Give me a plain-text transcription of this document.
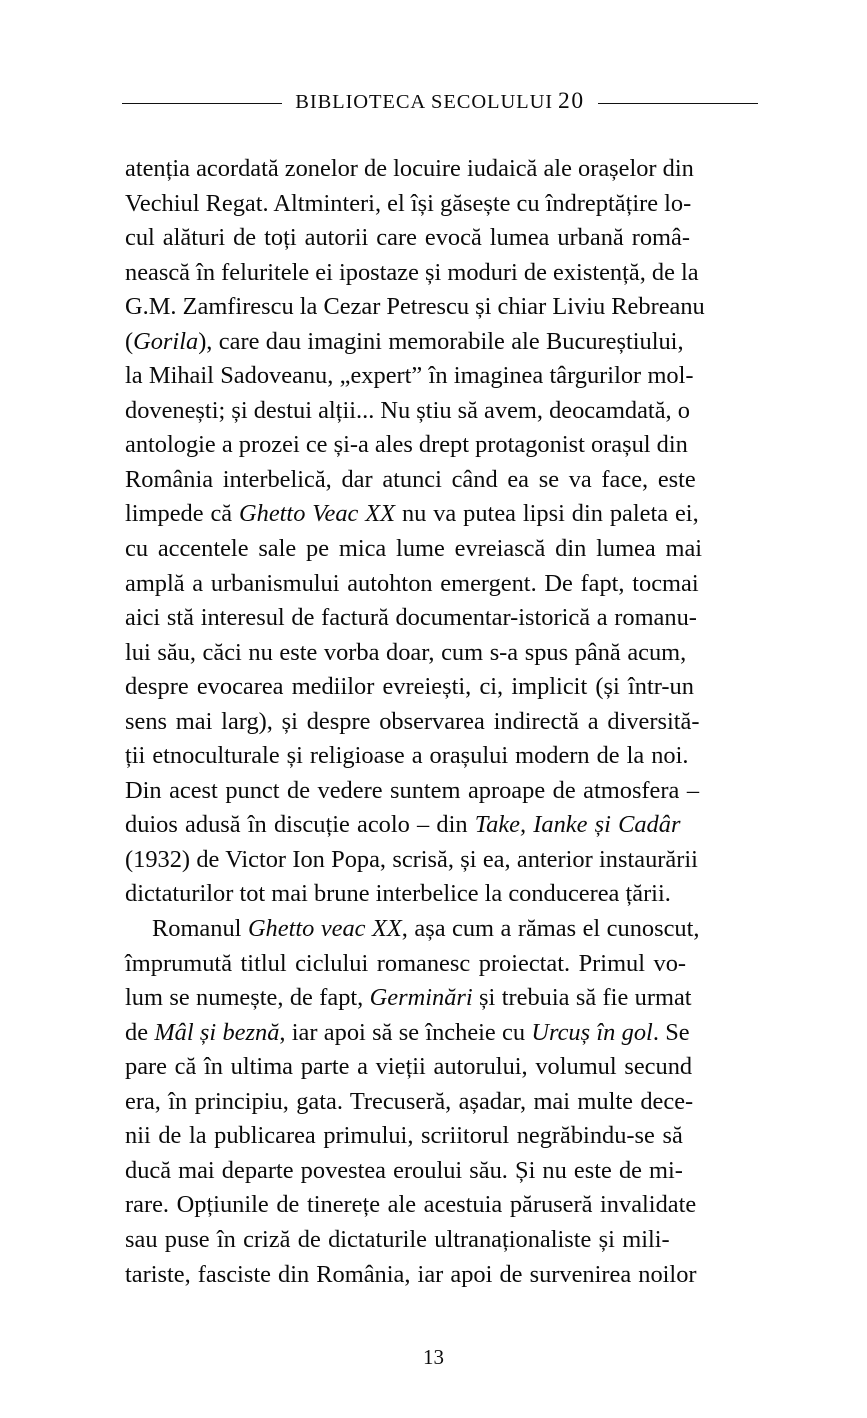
BIBLIOTECA SECOLULUI 20
atenția acordată zonelor de locuire iudaică ale orașelor din
Vechiul Regat. Altminteri, el își găsește cu îndreptățire lo-
cul alături de toți autorii care evocă lumea urbană româ-
nească în feluritele ei ipostaze și moduri de existență, de la
G.M. Zamfirescu la Cezar Petrescu și chiar Liviu Rebreanu
(Gorila), care dau imagini memorabile ale Bucureștiului,
la Mihail Sadoveanu, „expert” în imaginea târgurilor mol-
dovenești; și destui alții... Nu știu să avem, deocamdată, o
antologie a prozei ce și-a ales drept protagonist orașul din
România interbelică, dar atunci când ea se va face, este
limpede că Ghetto Veac XX nu va putea lipsi din paleta ei,
cu accentele sale pe mica lume evreiască din lumea mai
amplă a urbanismului autohton emergent. De fapt, tocmai
aici stă interesul de factură documentar-istorică a romanu-
lui său, căci nu este vorba doar, cum s-a spus până acum,
despre evocarea mediilor evreiești, ci, implicit (și într-un
sens mai larg), și despre observarea indirectă a diversită-
ții etnoculturale și religioase a orașului modern de la noi.
Din acest punct de vedere suntem aproape de atmosfera –
duios adusă în discuție acolo – din Take, Ianke și Cadâr
(1932) de Victor Ion Popa, scrisă, și ea, anterior instaurării
dictaturilor tot mai brune interbelice la conducerea țării.
Romanul Ghetto veac XX, așa cum a rămas el cunoscut,
împrumută titlul ciclului romanesc proiectat. Primul vo-
lum se numește, de fapt, Germinări și trebuia să fie urmat
de Mâl și beznă, iar apoi să se încheie cu Urcuș în gol. Se
pare că în ultima parte a vieții autorului, volumul secund
era, în principiu, gata. Trecuseră, așadar, mai multe dece-
nii de la publicarea primului, scriitorul negrăbindu-se să
ducă mai departe povestea eroului său. Și nu este de mi-
rare. Opțiunile de tinerețe ale acestuia păruseră invalidate
sau puse în criză de dictaturile ultranaționaliste și mili-
tariste, fasciste din România, iar apoi de survenirea noilor
13
